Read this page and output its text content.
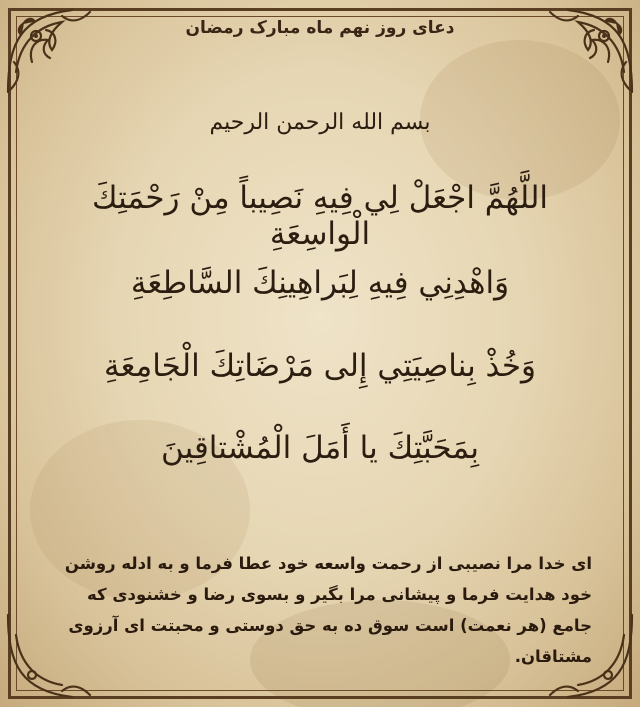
دعای روز نهم ماه مبارک رمضان
بسم الله الرحمن الرحيم
اللَّهُمَّ اجْعَلْ لِي فِيهِ نَصِيباً مِنْ رَحْمَتِكَ الْواسِعَةِ
وَاهْدِنِي فِيهِ لِبَراهِينِكَ السَّاطِعَةِ
وَخُذْ بِناصِيَتِي إِلى مَرْضَاتِكَ الْجَامِعَةِ
بِمَحَبَّتِكَ يا أَمَلَ الْمُشْتاقِينَ
ای خدا مرا نصیبی از رحمت واسعه خود عطا فرما و به ادله روشن خود هدایت فرما و پیشانی مرا بگیر و بسوی رضا و خشنودی که جامع (هر نعمت) است سوق ده به حق دوستی و محبتت ای آرزوی مشتاقان.
